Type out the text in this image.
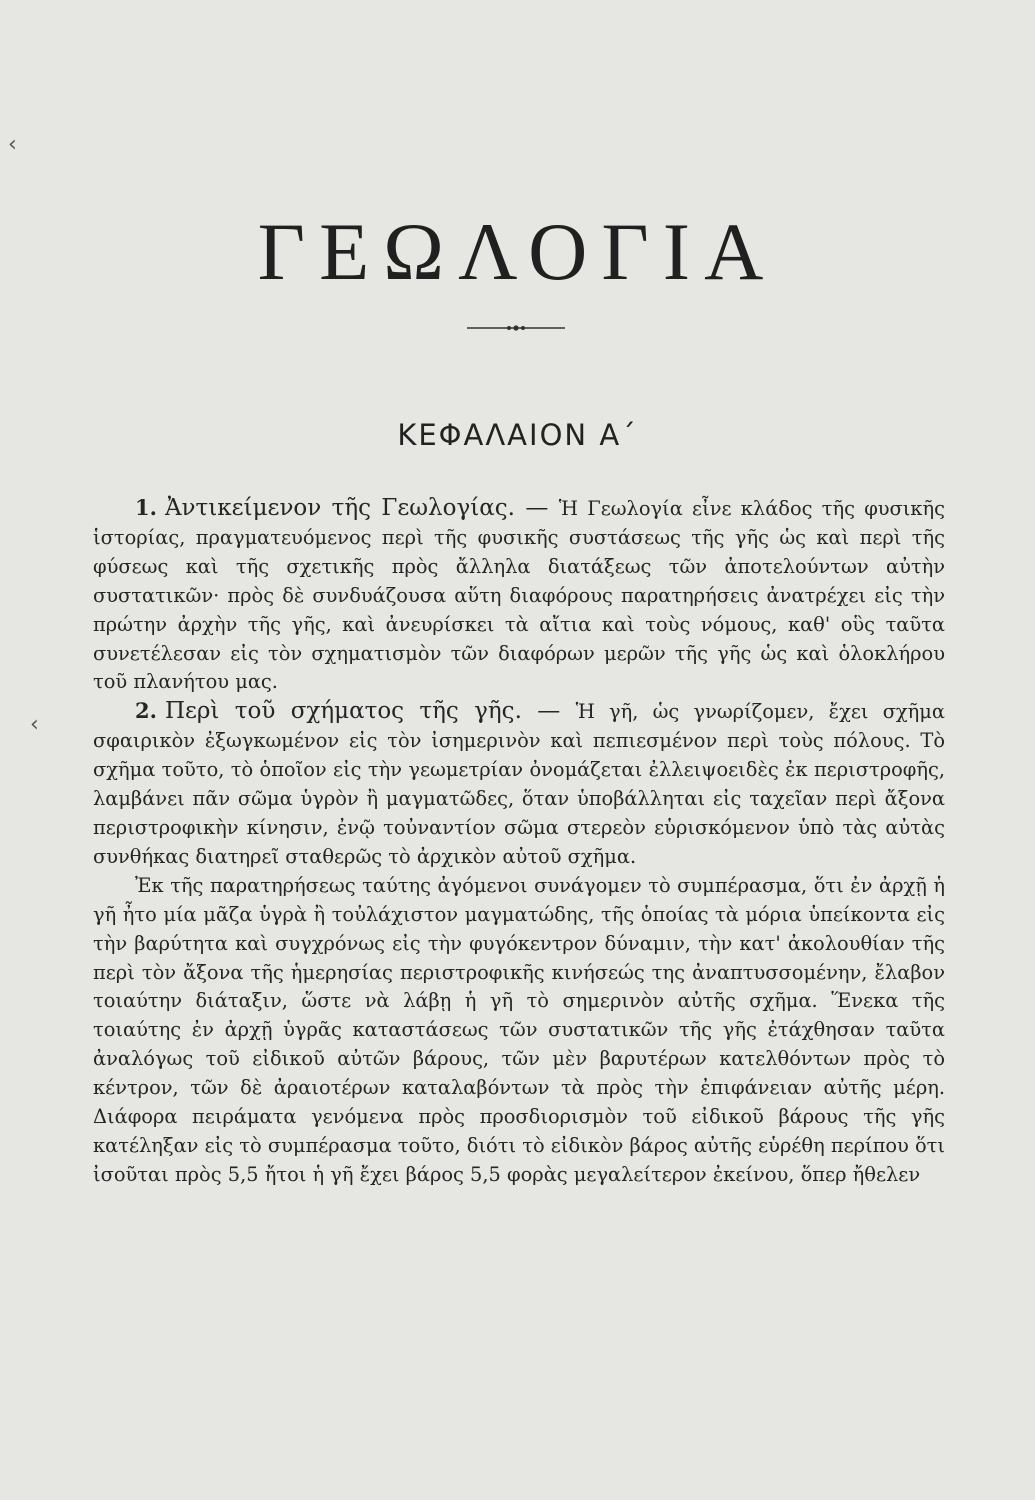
‹
‹
ΓΕΩΛΟΓΙΑ
ΚΕΦΑΛΑΙΟΝ Α΄

1. Ἀντικείμενον τῆς Γεωλογίας. — Ἡ Γεωλογία εἶνε κλάδος τῆς φυσικῆς ἱστορίας, πραγματευόμενος περὶ τῆς φυσικῆς συστάσεως τῆς γῆς ὡς καὶ περὶ τῆς φύσεως καὶ τῆς σχετικῆς πρὸς ἄλληλα διατάξεως τῶν ἀποτελούντων αὐτὴν συστατικῶν· πρὸς δὲ συνδυάζουσα αὕτη διαφόρους παρατηρήσεις ἀνατρέχει εἰς τὴν πρώτην ἀρχὴν τῆς γῆς, καὶ ἀνευρίσκει τὰ αἴτια καὶ τοὺς νόμους, καθ' οὓς ταῦτα συνετέλεσαν εἰς τὸν σχηματισμὸν τῶν διαφόρων μερῶν τῆς γῆς ὡς καὶ ὁλοκλήρου τοῦ πλανήτου μας.

2. Περὶ τοῦ σχήματος τῆς γῆς. — Ἡ γῆ, ὡς γνωρίζομεν, ἔχει σχῆμα σφαιρικὸν ἐξωγκωμένον εἰς τὸν ἰσημερινὸν καὶ πεπιεσμένον περὶ τοὺς πόλους. Τὸ σχῆμα τοῦτο, τὸ ὁποῖον εἰς τὴν γεωμετρίαν ὀνομάζεται ἐλλειψοειδὲς ἐκ περιστροφῆς, λαμβάνει πᾶν σῶμα ὑγρὸν ἢ μαγματῶδες, ὅταν ὑποβάλληται εἰς ταχεῖαν περὶ ἄξονα περιστροφικὴν κίνησιν, ἐνῷ τοὐναντίον σῶμα στερεὸν εὑρισκόμενον ὑπὸ τὰς αὐτὰς συνθήκας διατηρεῖ σταθερῶς τὸ ἀρχικὸν αὐτοῦ σχῆμα.

Ἐκ τῆς παρατηρήσεως ταύτης ἀγόμενοι συνάγομεν τὸ συμπέρασμα, ὅτι ἐν ἀρχῇ ἡ γῆ ἦτο μία μᾶζα ὑγρὰ ἢ τοὐλάχιστον μαγματώδης, τῆς ὁποίας τὰ μόρια ὑπείκοντα εἰς τὴν βαρύτητα καὶ συγχρόνως εἰς τὴν φυγόκεντρον δύναμιν, τὴν κατ' ἀκολουθίαν τῆς περὶ τὸν ἄξονα τῆς ἡμερησίας περιστροφικῆς κινήσεώς της ἀναπτυσσομένην, ἔλαβον τοιαύτην διάταξιν, ὥστε νὰ λάβῃ ἡ γῆ τὸ σημερινὸν αὐτῆς σχῆμα. Ἕνεκα τῆς τοιαύτης ἐν ἀρχῇ ὑγρᾶς καταστάσεως τῶν συστατικῶν τῆς γῆς ἐτάχθησαν ταῦτα ἀναλόγως τοῦ εἰδικοῦ αὐτῶν βάρους, τῶν μὲν βαρυτέρων κατελθόντων πρὸς τὸ κέντρον, τῶν δὲ ἀραιοτέρων καταλαβόντων τὰ πρὸς τὴν ἐπιφάνειαν αὐτῆς μέρη. Διάφορα πειράματα γενόμενα πρὸς προσδιορισμὸν τοῦ εἰδικοῦ βάρους τῆς γῆς κατέληξαν εἰς τὸ συμπέρασμα τοῦτο, διότι τὸ εἰδικὸν βάρος αὐτῆς εὑρέθη περίπου ὅτι ἰσοῦται πρὸς 5,5 ἤτοι ἡ γῆ ἔχει βάρος 5,5 φορὰς μεγαλείτερον ἐκείνου, ὅπερ ἤθελεν
